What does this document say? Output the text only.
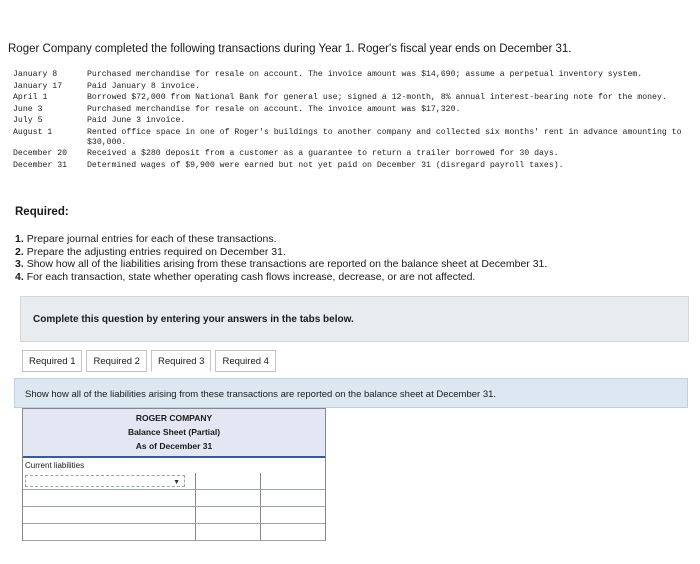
Roger Company completed the following transactions during Year 1. Roger's fiscal year ends on December 31.
January 8	Purchased merchandise for resale on account. The invoice amount was $14,690; assume a perpetual inventory system.
January 17	Paid January 8 invoice.
April 1	Borrowed $72,000 from National Bank for general use; signed a 12-month, 8% annual interest-bearing note for the money.
June 3	Purchased merchandise for resale on account. The invoice amount was $17,320.
July 5	Paid June 3 invoice.
August 1	Rented office space in one of Roger's buildings to another company and collected six months' rent in advance amounting to $30,000.
December 20	Received a $280 deposit from a customer as a guarantee to return a trailer borrowed for 30 days.
December 31	Determined wages of $9,900 were earned but not yet paid on December 31 (disregard payroll taxes).
Required:
1. Prepare journal entries for each of these transactions.
2. Prepare the adjusting entries required on December 31.
3. Show how all of the liabilities arising from these transactions are reported on the balance sheet at December 31.
4. For each transaction, state whether operating cash flows increase, decrease, or are not affected.
Complete this question by entering your answers in the tabs below.
Required 1	Required 2	Required 3	Required 4
Show how all of the liabilities arising from these transactions are reported on the balance sheet at December 31.
ROGER COMPANY
Balance Sheet (Partial)
As of December 31
Current liabilities
▼
